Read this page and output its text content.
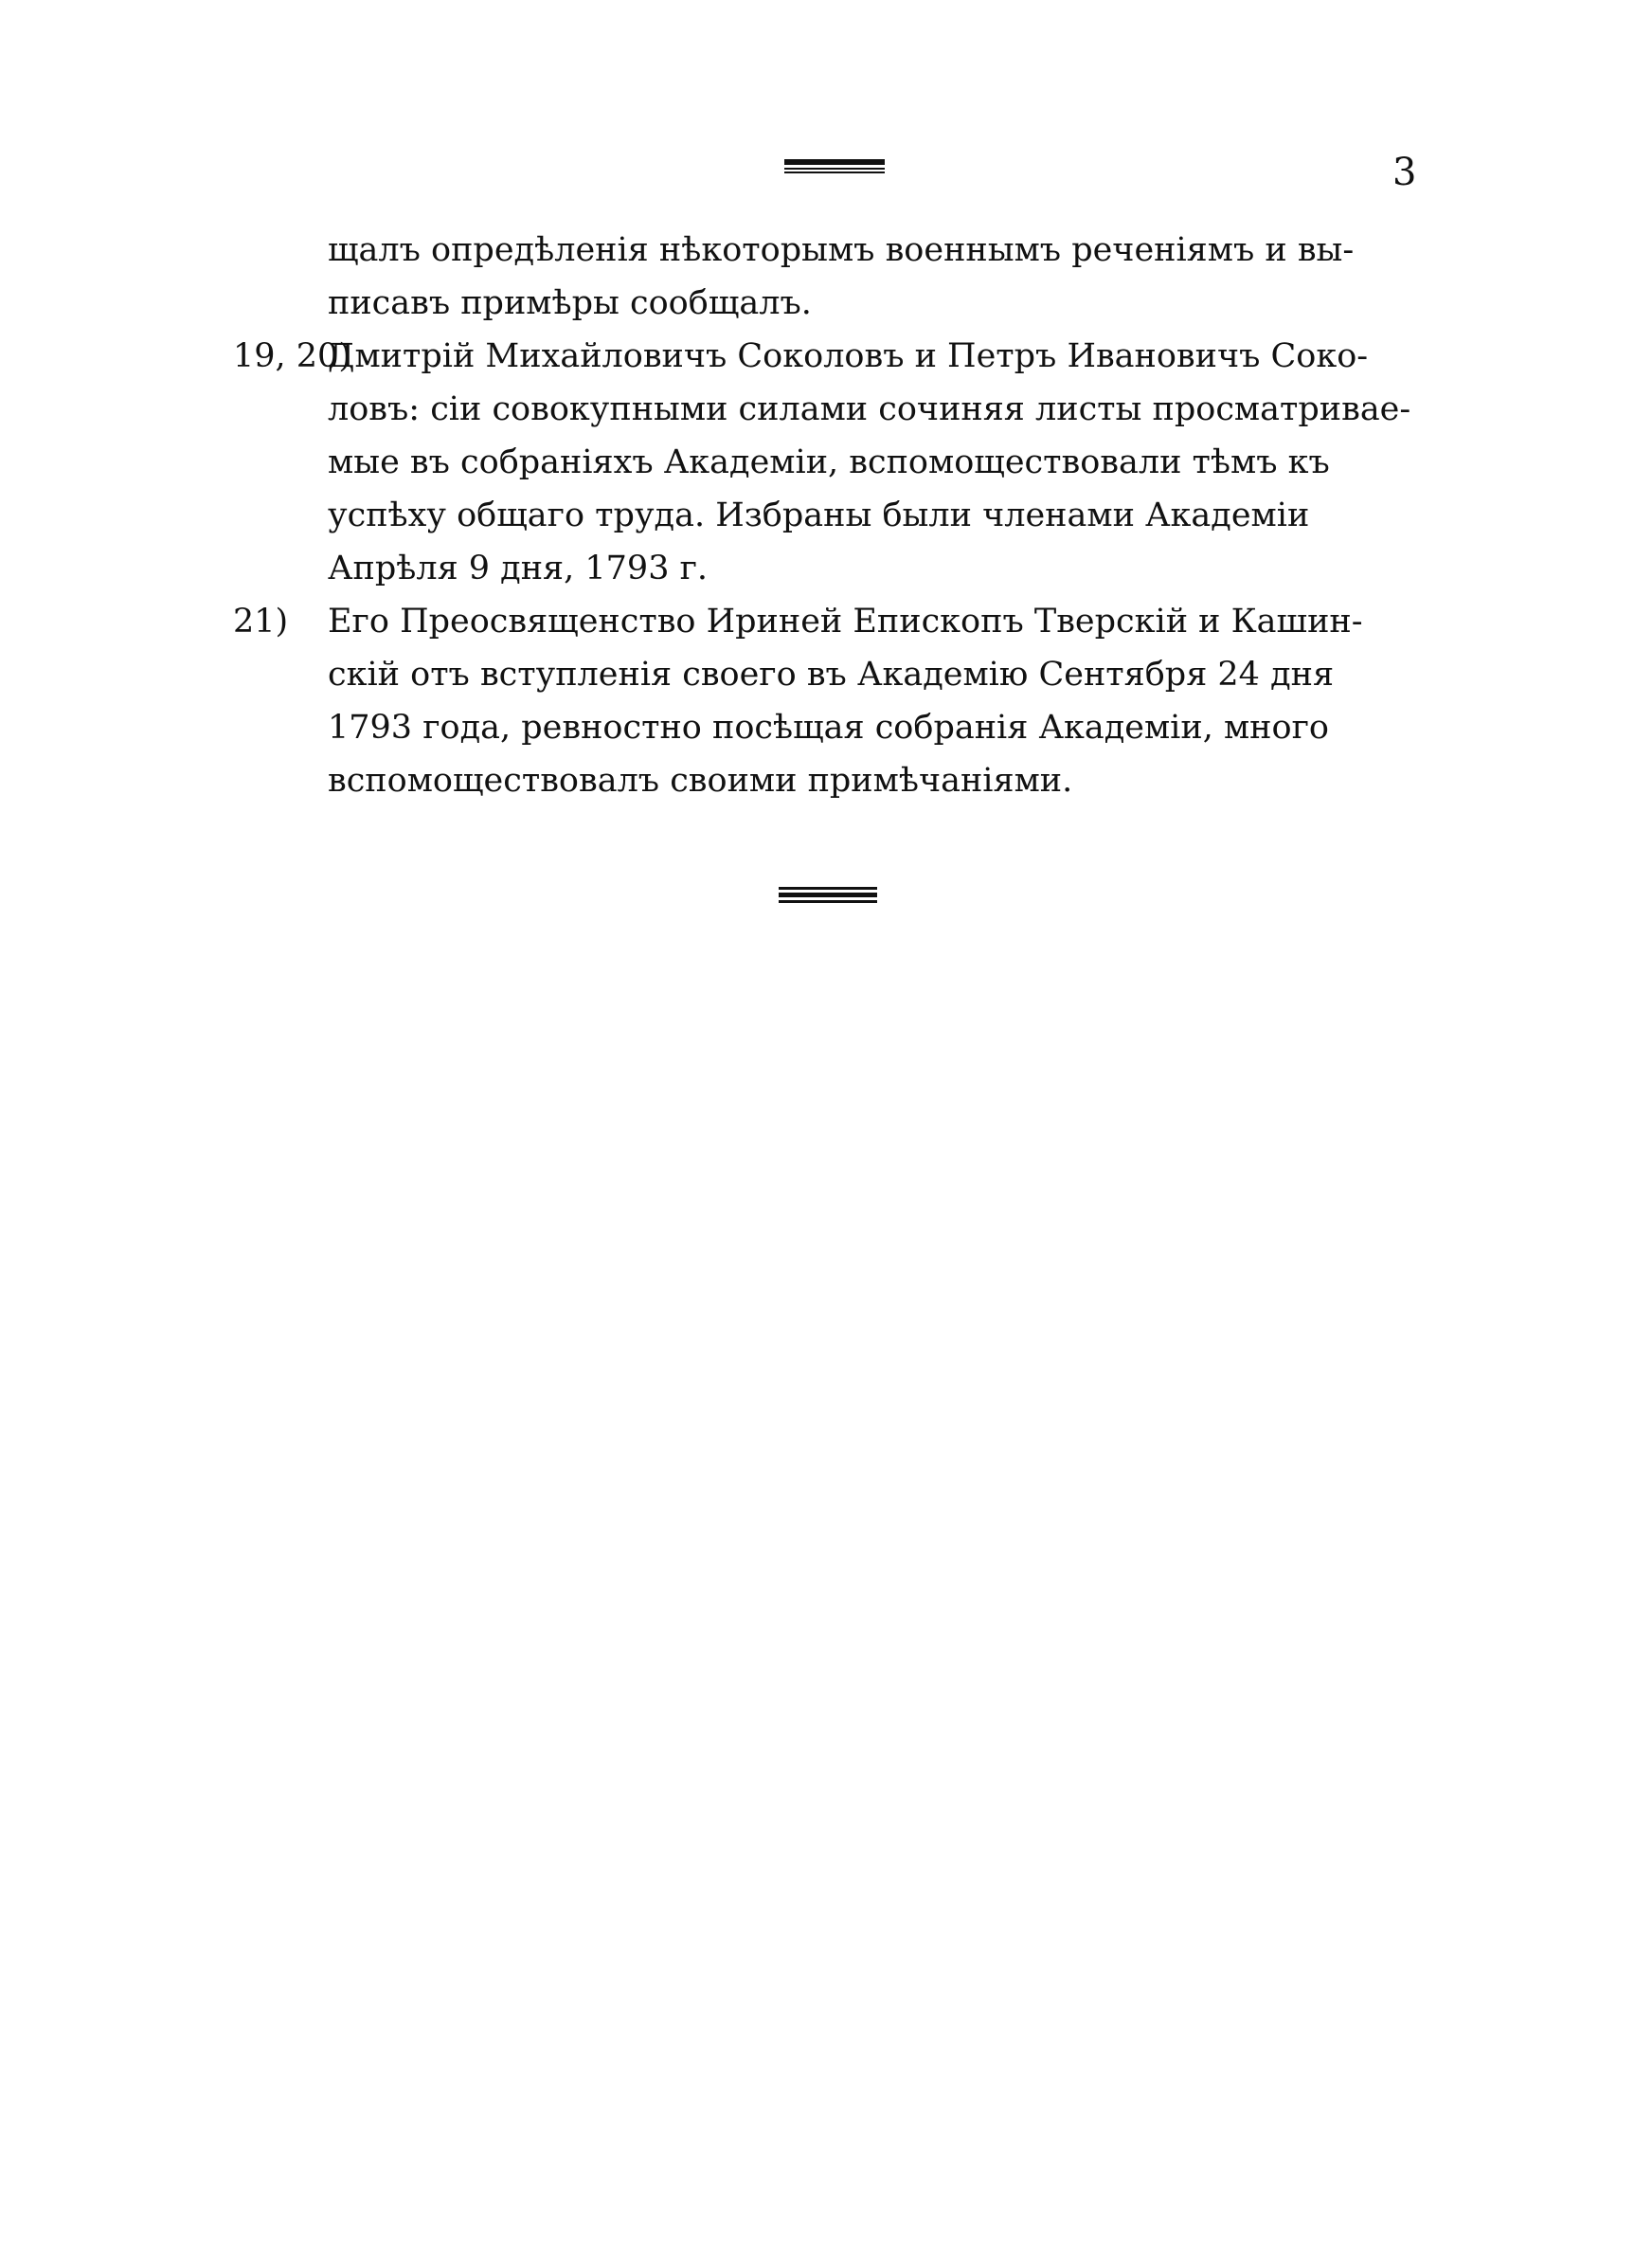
3
щалъ опредѣленія нѣкоторымъ военнымъ реченіямъ и вы-
писавъ примѣры сообщалъ.
19, 20)
Дмитрій Михайловичъ Соколовъ и Петръ Ивановичъ Соко-
ловъ: сіи совокупными силами сочиняя листы просматривае-
мые въ собраніяхъ Академіи, вспомоществовали тѣмъ къ
успѣху общаго труда. Избраны были членами Академіи
Апрѣля 9 дня, 1793 г.
21) Его Преосвященство Ириней Епископъ Тверскій и Кашин-
скій отъ вступленія своего въ Академію Сентября 24 дня
1793 года, ревностно посѣщая собранія Академіи, много
вспомоществовалъ своими примѣчаніями.
